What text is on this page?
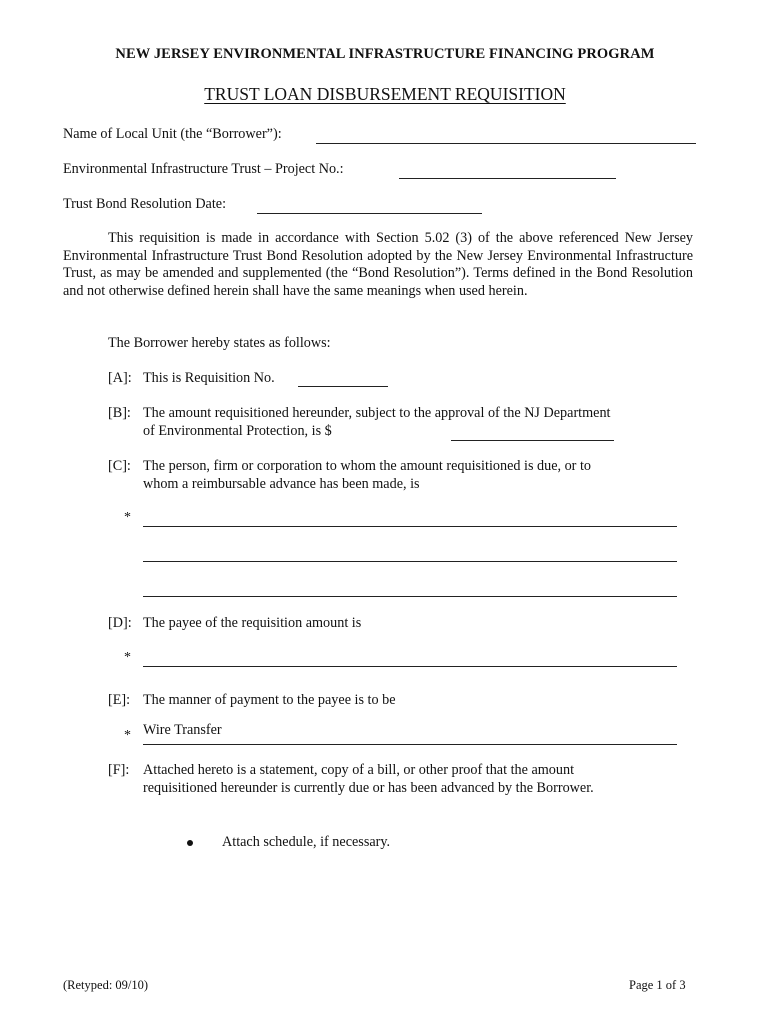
NEW JERSEY ENVIRONMENTAL INFRASTRUCTURE FINANCING PROGRAM
TRUST LOAN DISBURSEMENT REQUISITION
Name of Local Unit (the “Borrower”):
Environmental Infrastructure Trust – Project No.:
Trust Bond Resolution Date:
This requisition is made in accordance with Section 5.02 (3) of the above referenced New Jersey Environmental Infrastructure Trust Bond Resolution adopted by the New Jersey Environmental Infrastructure Trust, as may be amended and supplemented (the “Bond Resolution”). Terms defined in the Bond Resolution and not otherwise defined herein shall have the same meanings when used herein.
The Borrower hereby states as follows:
[A]: This is Requisition No.
[B]: The amount requisitioned hereunder, subject to the approval of the NJ Department
of Environmental Protection, is $
[C]: The person, firm or corporation to whom the amount requisitioned is due, or to
whom a reimbursable advance has been made, is
*
[D]: The payee of the requisition amount is
*
[E]: The manner of payment to the payee is to be
* Wire Transfer
[F]: Attached hereto is a statement, copy of a bill, or other proof that the amount
requisitioned hereunder is currently due or has been advanced by the Borrower.
Attach schedule, if necessary.
(Retyped: 09/10)	Page 1 of 3
